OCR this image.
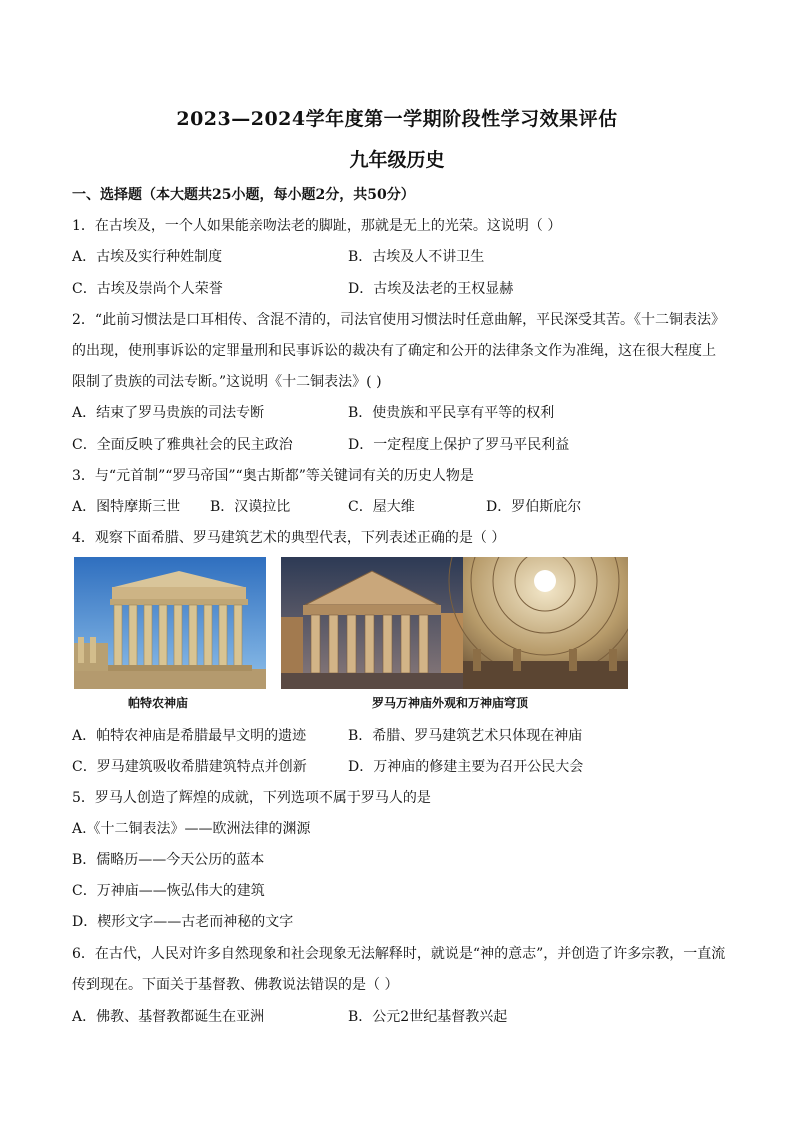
2023—2024学年度第一学期阶段性学习效果评估
九年级历史
一、选择题（本大题共25小题，每小题2分，共50分）
1．在古埃及，一个人如果能亲吻法老的脚趾，那就是无上的光荣。这说明（ ）
A．古埃及实行种姓制度	B．古埃及人不讲卫生
C．古埃及崇尚个人荣誉	D．古埃及法老的王权显赫
2．“此前习惯法是口耳相传、含混不清的，司法官使用习惯法时任意曲解，平民深受其苦。《十二铜表法》
的出现，使刑事诉讼的定罪量刑和民事诉讼的裁决有了确定和公开的法律条文作为准绳，这在很大程度上
限制了贵族的司法专断。”这说明《十二铜表法》( )
A．结束了罗马贵族的司法专断	B．使贵族和平民享有平等的权利
C．全面反映了雅典社会的民主政治	D．一定程度上保护了罗马平民利益
3．与“元首制”“罗马帝国”“奥古斯都”等关键词有关的历史人物是
A．图特摩斯三世 B．汉谟拉比	C．屋大维	D．罗伯斯庇尔
4．观察下面希腊、罗马建筑艺术的典型代表，下列表述正确的是（ ）
帕特农神庙	罗马万神庙外观和万神庙穹顶
A．帕特农神庙是希腊最早文明的遗迹	B．希腊、罗马建筑艺术只体现在神庙
C．罗马建筑吸收希腊建筑特点并创新	D．万神庙的修建主要为召开公民大会
5．罗马人创造了辉煌的成就，下列选项不属于罗马人的是
A.《十二铜表法》——欧洲法律的渊源
B．儒略历——今天公历的蓝本
C．万神庙——恢弘伟大的建筑
D．楔形文字——古老而神秘的文字
6．在古代，人民对许多自然现象和社会现象无法解释时，就说是“神的意志”，并创造了许多宗教，一直流
传到现在。下面关于基督教、佛教说法错误的是（ ）
A．佛教、基督教都诞生在亚洲	B．公元2世纪基督教兴起
